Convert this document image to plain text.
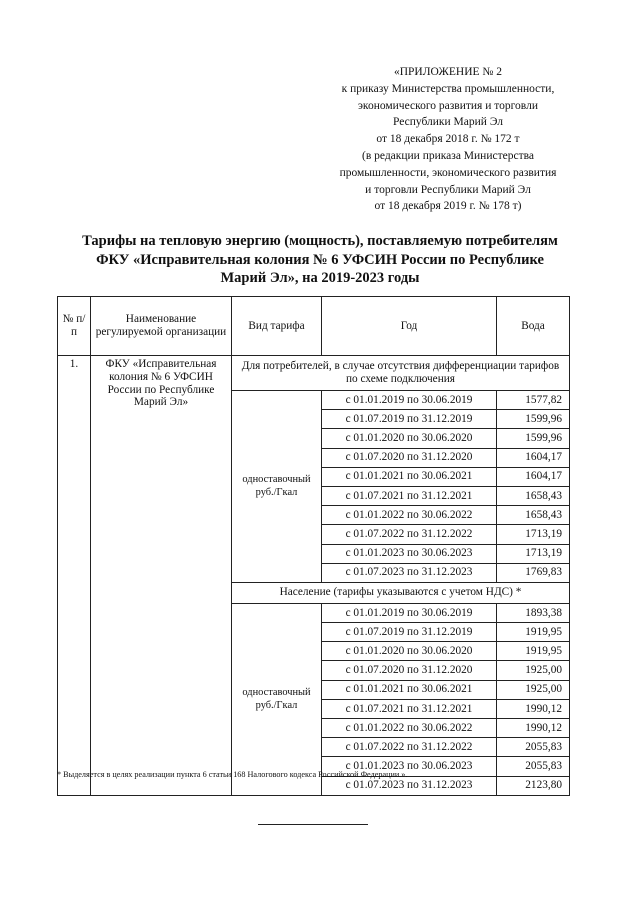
«ПРИЛОЖЕНИЕ № 2
к приказу Министерства промышленности,
экономического развития и торговли
Республики Марий Эл
от 18 декабря 2018 г. № 172 т
(в редакции приказа Министерства
промышленности, экономического развития
и торговли Республики Марий Эл
от 18 декабря 2019 г. № 178 т)
Тарифы на тепловую энергию (мощность), поставляемую потребителям
ФКУ «Исправительная колония № 6 УФСИН России по Республике
Марий Эл», на 2019-2023 годы
№ п/п	Наименование регулируемой организации	Вид тарифа	Год	Вода
1.	ФКУ «Исправительная колония № 6 УФСИН России по Республике Марий Эл»	Для потребителей, в случае отсутствия дифференциации тарифов по схеме подключения		
		одноставочный руб./Гкал	с 01.01.2019 по 30.06.2019	1577,82
			с 01.07.2019 по 31.12.2019	1599,96
			с 01.01.2020 по 30.06.2020	1599,96
			с 01.07.2020 по 31.12.2020	1604,17
			с 01.01.2021 по 30.06.2021	1604,17
			с 01.07.2021 по 31.12.2021	1658,43
			с 01.01.2022 по 30.06.2022	1658,43
			с 01.07.2022 по 31.12.2022	1713,19
			с 01.01.2023 по 30.06.2023	1713,19
			с 01.07.2023 по 31.12.2023	1769,83
		Население (тарифы указываются с учетом НДС) *		
		одноставочный руб./Гкал	с 01.01.2019 по 30.06.2019	1893,38
			с 01.07.2019 по 31.12.2019	1919,95
			с 01.01.2020 по 30.06.2020	1919,95
			с 01.07.2020 по 31.12.2020	1925,00
			с 01.01.2021 по 30.06.2021	1925,00
			с 01.07.2021 по 31.12.2021	1990,12
			с 01.01.2022 по 30.06.2022	1990,12
			с 01.07.2022 по 31.12.2022	2055,83
			с 01.01.2023 по 30.06.2023	2055,83
			с 01.07.2023 по 31.12.2023	2123,80
* Выделяется в целях реализации пункта 6 статьи 168 Налогового кодекса Российской Федерации.».
